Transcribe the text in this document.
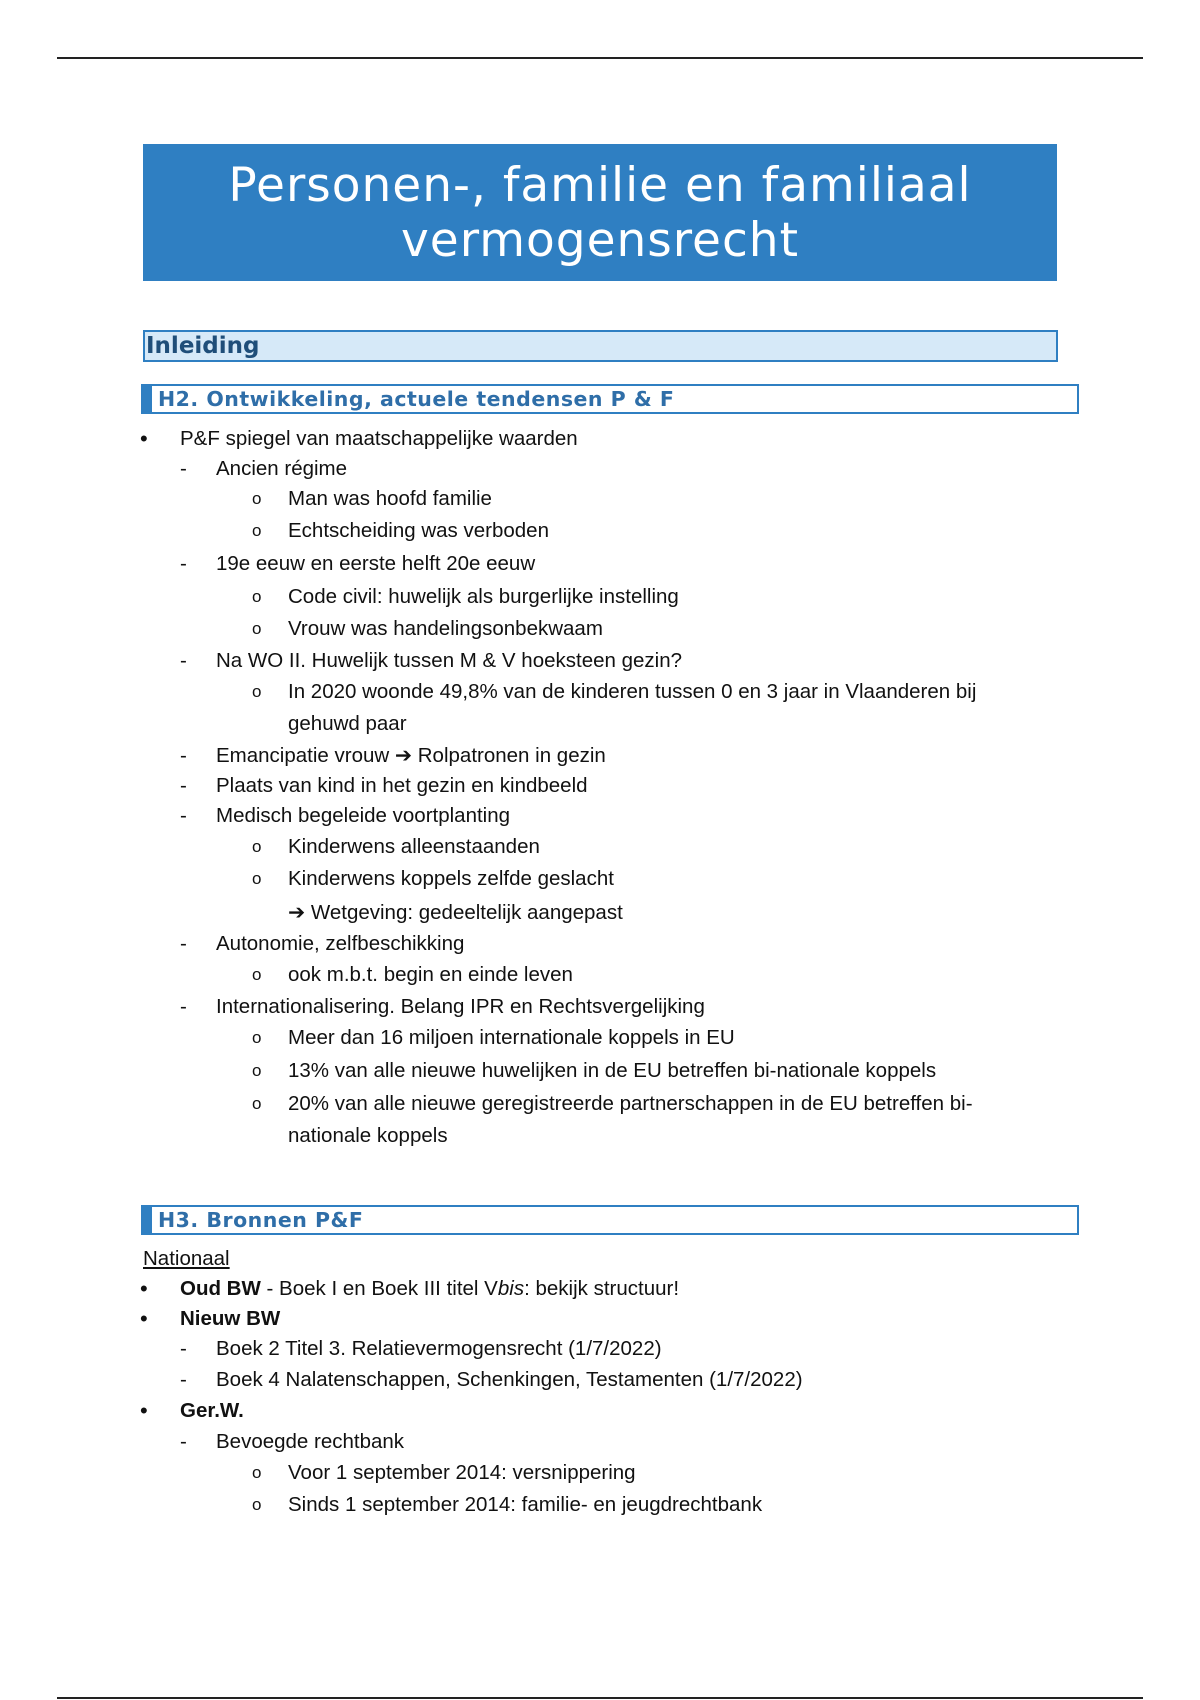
Personen-, familie en familiaal
vermogensrecht
Inleiding
H2. Ontwikkeling, actuele tendensen P & F
• P&F spiegel van maatschappelijke waarden
- Ancien régime
o Man was hoofd familie
o Echtscheiding was verboden
- 19e eeuw en eerste helft 20e eeuw
o Code civil: huwelijk als burgerlijke instelling
o Vrouw was handelingsonbekwaam
- Na WO II. Huwelijk tussen M & V hoeksteen gezin?
o In 2020 woonde 49,8% van de kinderen tussen 0 en 3 jaar in Vlaanderen bij
gehuwd paar
- Emancipatie vrouw ➔ Rolpatronen in gezin
- Plaats van kind in het gezin en kindbeeld
- Medisch begeleide voortplanting
o Kinderwens alleenstaanden
o Kinderwens koppels zelfde geslacht
➔ Wetgeving: gedeeltelijk aangepast
- Autonomie, zelfbeschikking
o ook m.b.t. begin en einde leven
- Internationalisering. Belang IPR en Rechtsvergelijking
o Meer dan 16 miljoen internationale koppels in EU
o 13% van alle nieuwe huwelijken in de EU betreffen bi-nationale koppels
o 20% van alle nieuwe geregistreerde partnerschappen in de EU betreffen bi-
nationale koppels
H3. Bronnen P&F
Nationaal
• Oud BW - Boek I en Boek III titel Vbis: bekijk structuur!
• Nieuw BW
- Boek 2 Titel 3. Relatievermogensrecht (1/7/2022)
- Boek 4 Nalatenschappen, Schenkingen, Testamenten (1/7/2022)
• Ger.W.
- Bevoegde rechtbank
o Voor 1 september 2014: versnippering
o Sinds 1 september 2014: familie- en jeugdrechtbank
